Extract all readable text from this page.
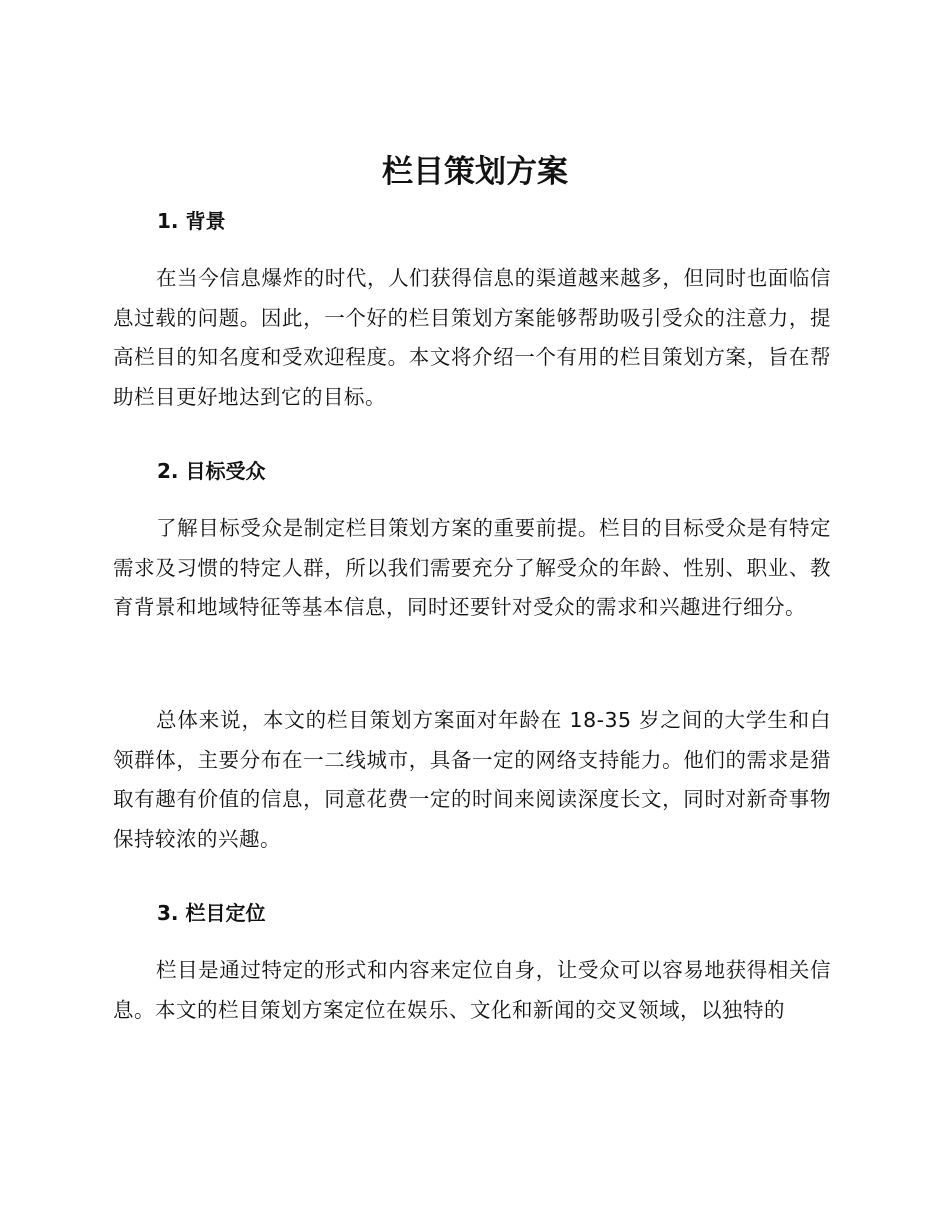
栏目策划方案
1. 背景

在当今信息爆炸的时代，人们获得信息的渠道越来越多，但同时也面临信息过载的问题。因此，一个好的栏目策划方案能够帮助吸引受众的注意力，提高栏目的知名度和受欢迎程度。本文将介绍一个有用的栏目策划方案，旨在帮助栏目更好地达到它的目标。

2. 目标受众

了解目标受众是制定栏目策划方案的重要前提。栏目的目标受众是有特定需求及习惯的特定人群，所以我们需要充分了解受众的年龄、性别、职业、教育背景和地域特征等基本信息，同时还要针对受众的需求和兴趣进行细分。

总体来说，本文的栏目策划方案面对年龄在 18-35 岁之间的大学生和白领群体，主要分布在一二线城市，具备一定的网络支持能力。他们的需求是猎取有趣有价值的信息，同意花费一定的时间来阅读深度长文，同时对新奇事物保持较浓的兴趣。

3. 栏目定位

栏目是通过特定的形式和内容来定位自身，让受众可以容易地获得相关信息。本文的栏目策划方案定位在娱乐、文化和新闻的交叉领域，以独特的
